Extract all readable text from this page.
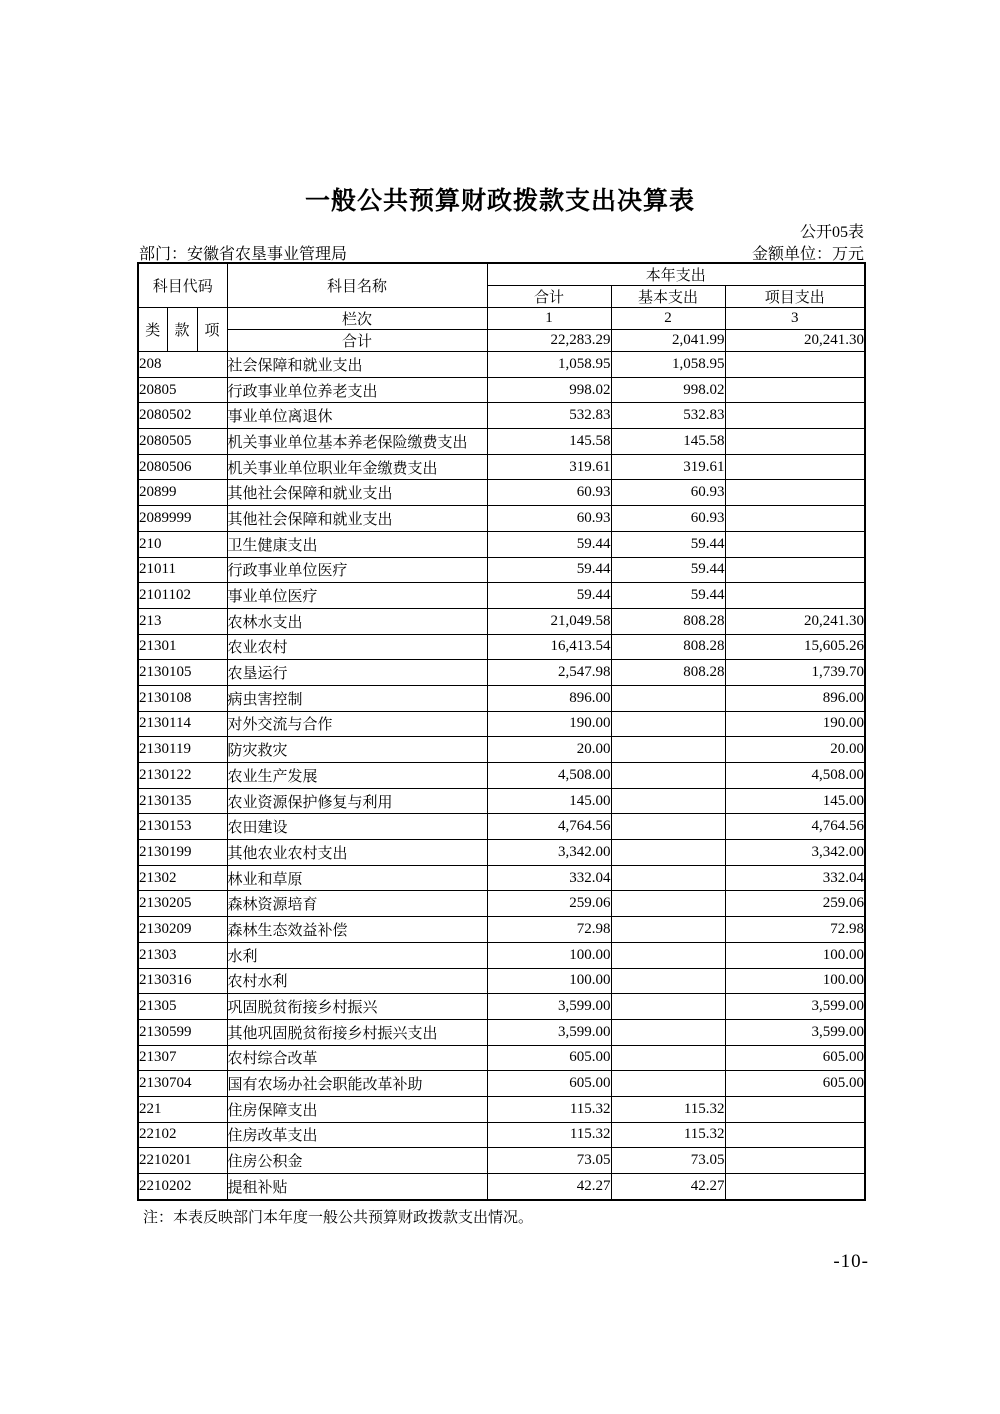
一般公共预算财政拨款支出决算表
公开05表
部门：安徽省农垦事业管理局	金额单位：万元
科目代码			科目名称	本年支出		
				合计	基本支出	项目支出
类	款	项	栏次	1	2	3
			合计	22,283.29	2,041.99	20,241.30
208			社会保障和就业支出	1,058.95	1,058.95	
20805			行政事业单位养老支出	998.02	998.02	
2080502			事业单位离退休	532.83	532.83	
2080505			机关事业单位基本养老保险缴费支出	145.58	145.58	
2080506			机关事业单位职业年金缴费支出	319.61	319.61	
20899			其他社会保障和就业支出	60.93	60.93	
2089999			其他社会保障和就业支出	60.93	60.93	
210			卫生健康支出	59.44	59.44	
21011			行政事业单位医疗	59.44	59.44	
2101102			事业单位医疗	59.44	59.44	
213			农林水支出	21,049.58	808.28	20,241.30
21301			农业农村	16,413.54	808.28	15,605.26
2130105			农垦运行	2,547.98	808.28	1,739.70
2130108			病虫害控制	896.00		896.00
2130114			对外交流与合作	190.00		190.00
2130119			防灾救灾	20.00		20.00
2130122			农业生产发展	4,508.00		4,508.00
2130135			农业资源保护修复与利用	145.00		145.00
2130153			农田建设	4,764.56		4,764.56
2130199			其他农业农村支出	3,342.00		3,342.00
21302			林业和草原	332.04		332.04
2130205			森林资源培育	259.06		259.06
2130209			森林生态效益补偿	72.98		72.98
21303			水利	100.00		100.00
2130316			农村水利	100.00		100.00
21305			巩固脱贫衔接乡村振兴	3,599.00		3,599.00
2130599			其他巩固脱贫衔接乡村振兴支出	3,599.00		3,599.00
21307			农村综合改革	605.00		605.00
2130704			国有农场办社会职能改革补助	605.00		605.00
221			住房保障支出	115.32	115.32	
22102			住房改革支出	115.32	115.32	
2210201			住房公积金	73.05	73.05	
2210202			提租补贴	42.27	42.27	
注：本表反映部门本年度一般公共预算财政拨款支出情况。
-10-
